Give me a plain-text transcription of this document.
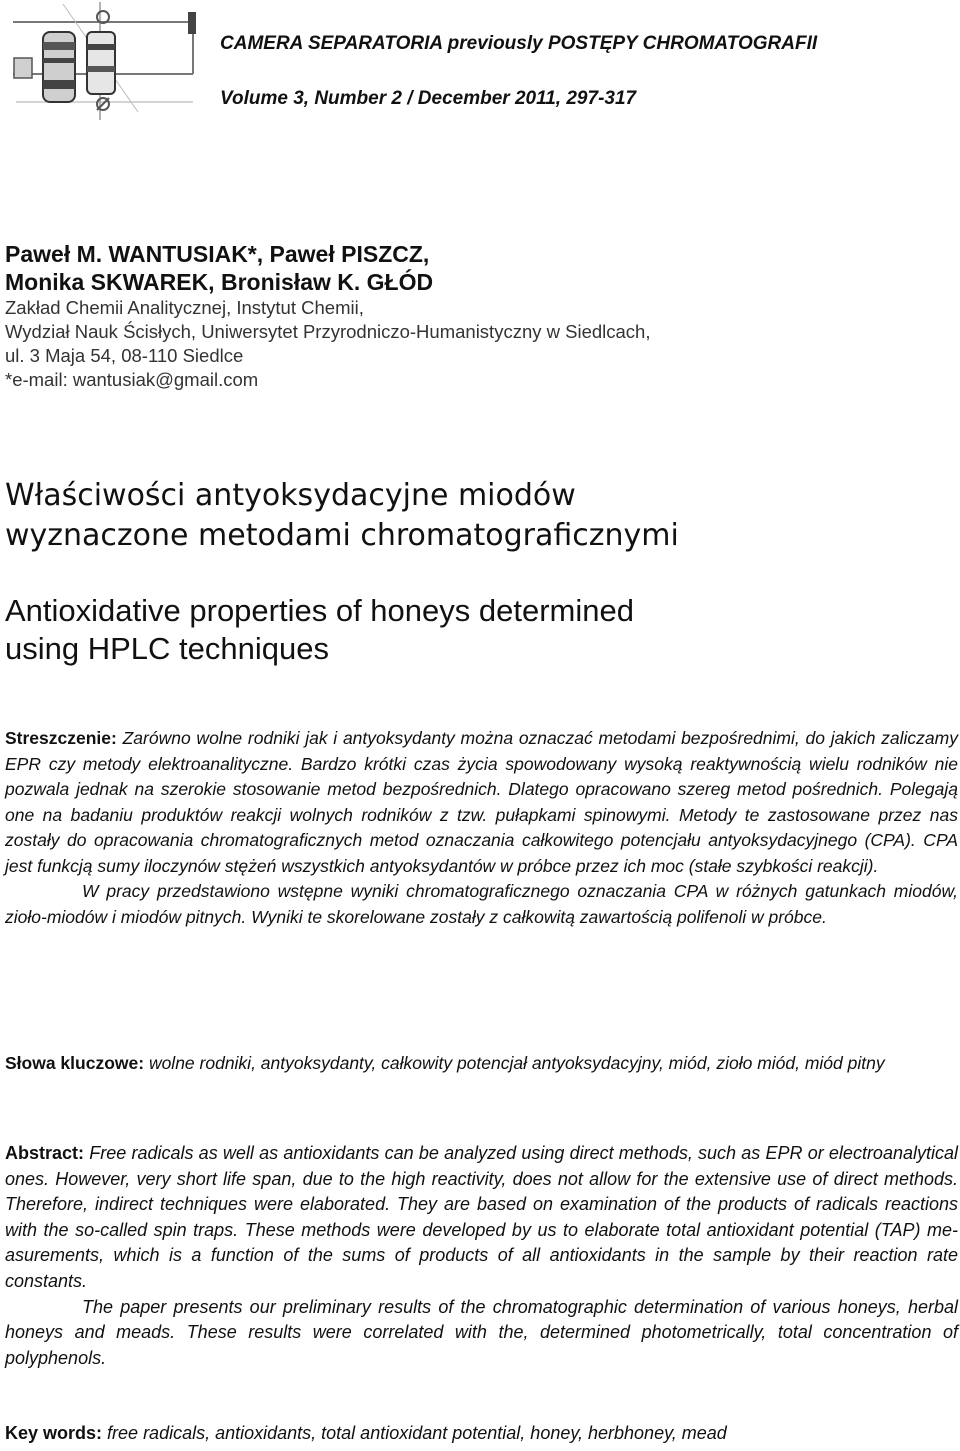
CAMERA SEPARATORIA previously POSTĘPY CHROMATOGRAFII
Volume 3, Number 2 / December 2011, 297-317
Paweł M. WANTUSIAK*, Paweł PISZCZ,
Monika SKWAREK, Bronisław K. GŁÓD
Zakład Chemii Analitycznej, Instytut Chemii,
Wydział Nauk Ścisłych, Uniwersytet Przyrodniczo-Humanistyczny w Siedlcach,
ul. 3 Maja 54, 08-110 Siedlce
*e-mail: wantusiak@gmail.com
Właściwości antyoksydacyjne miodów
wyznaczone metodami chromatograficznymi
Antioxidative properties of honeys determined
using HPLC techniques

Streszczenie: Zarówno wolne rodniki jak i antyoksydanty można oznaczać metodami bezpośrednimi, do jakich zaliczamy EPR czy metody elektroanalityczne. Bardzo krótki czas życia spowodowany wysoką reaktywnością wielu rodników nie pozwala jednak na szerokie stosowanie metod bezpośrednich. Dlatego opracowano szereg metod pośrednich. Polegają one na badaniu produktów reakcji wolnych rodników z tzw. pułapkami spinowymi. Metody te zastosowane przez nas zostały do opracowania chromatograficznych metod oznaczania całkowitego potencjału antyoksydacyjnego (CPA). CPA jest funkcją sumy iloczynów stężeń wszystkich antyoksydantów w próbce przez ich moc (stałe szybkości reakcji).

W pracy przedstawiono wstępne wyniki chromatograficznego oznaczania CPA w różnych gatunkach miodów, zioło-miodów i miodów pitnych. Wyniki te skorelowane zostały z całkowitą zawartością polifenoli w próbce.

Słowa kluczowe: wolne rodniki, antyoksydanty, całkowity potencjał antyoksydacyjny, miód, zioło miód, miód pitny

Abstract: Free radicals as well as antioxidants can be analyzed using direct methods, such as EPR or electroanalytical ones. However, very short life span, due to the high reactivity, does not allow for the extensive use of direct methods. Therefore, indirect techniques were elaborated. They are based on examination of the products of radicals reactions with the so-called spin traps. These methods were developed by us to elaborate total antioxidant potential (TAP) measurements, which is a function of the sums of products of all antioxidants in the sample by their reaction rate constants.

The paper presents our preliminary results of the chromatographic determination of various honeys, herbal honeys and meads. These results were correlated with the, determined photometrically, total concentration of polyphenols.

Key words: free radicals, antioxidants, total antioxidant potential, honey, herbhoney, mead
